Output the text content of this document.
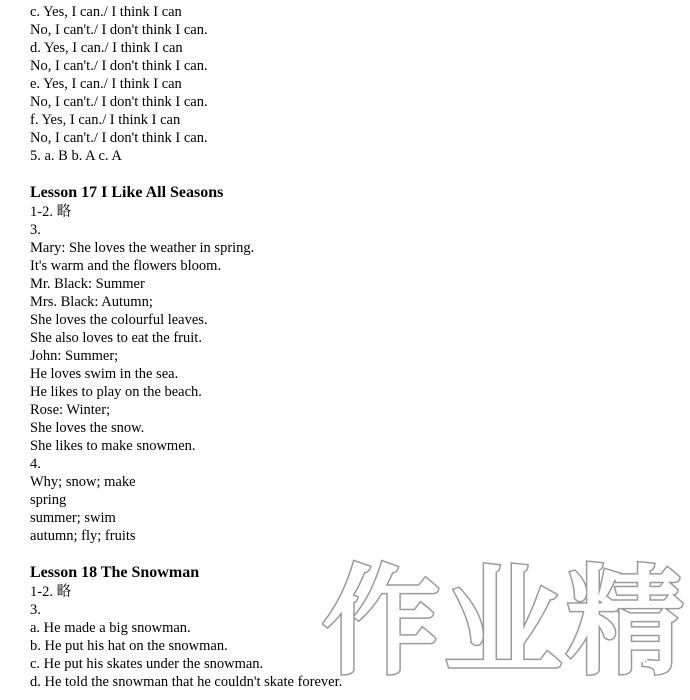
c. Yes, I can./ I think I can
No, I can't./ I don't think I can.
d. Yes, I can./ I think I can
No, I can't./ I don't think I can.
e. Yes, I can./ I think I can
No, I can't./ I don't think I can.
f. Yes, I can./ I think I can
No, I can't./ I don't think I can.
5. a. B b. A c. A
Lesson 17 I Like All Seasons
1-2. 略
3.
Mary: She loves the weather in spring.
It's warm and the flowers bloom.
Mr. Black: Summer
Mrs. Black: Autumn;
She loves the colourful leaves.
She also loves to eat the fruit.
John: Summer;
He loves swim in the sea.
He likes to play on the beach.
Rose: Winter;
She loves the snow.
She likes to make snowmen.
4.
Why; snow; make
spring
summer; swim
autumn; fly; fruits
Lesson 18 The Snowman
1-2. 略
3.
a. He made a big snowman.
b. He put his hat on the snowman.
c. He put his skates under the snowman.
d. He told the snowman that he couldn't skate forever.
作业精
